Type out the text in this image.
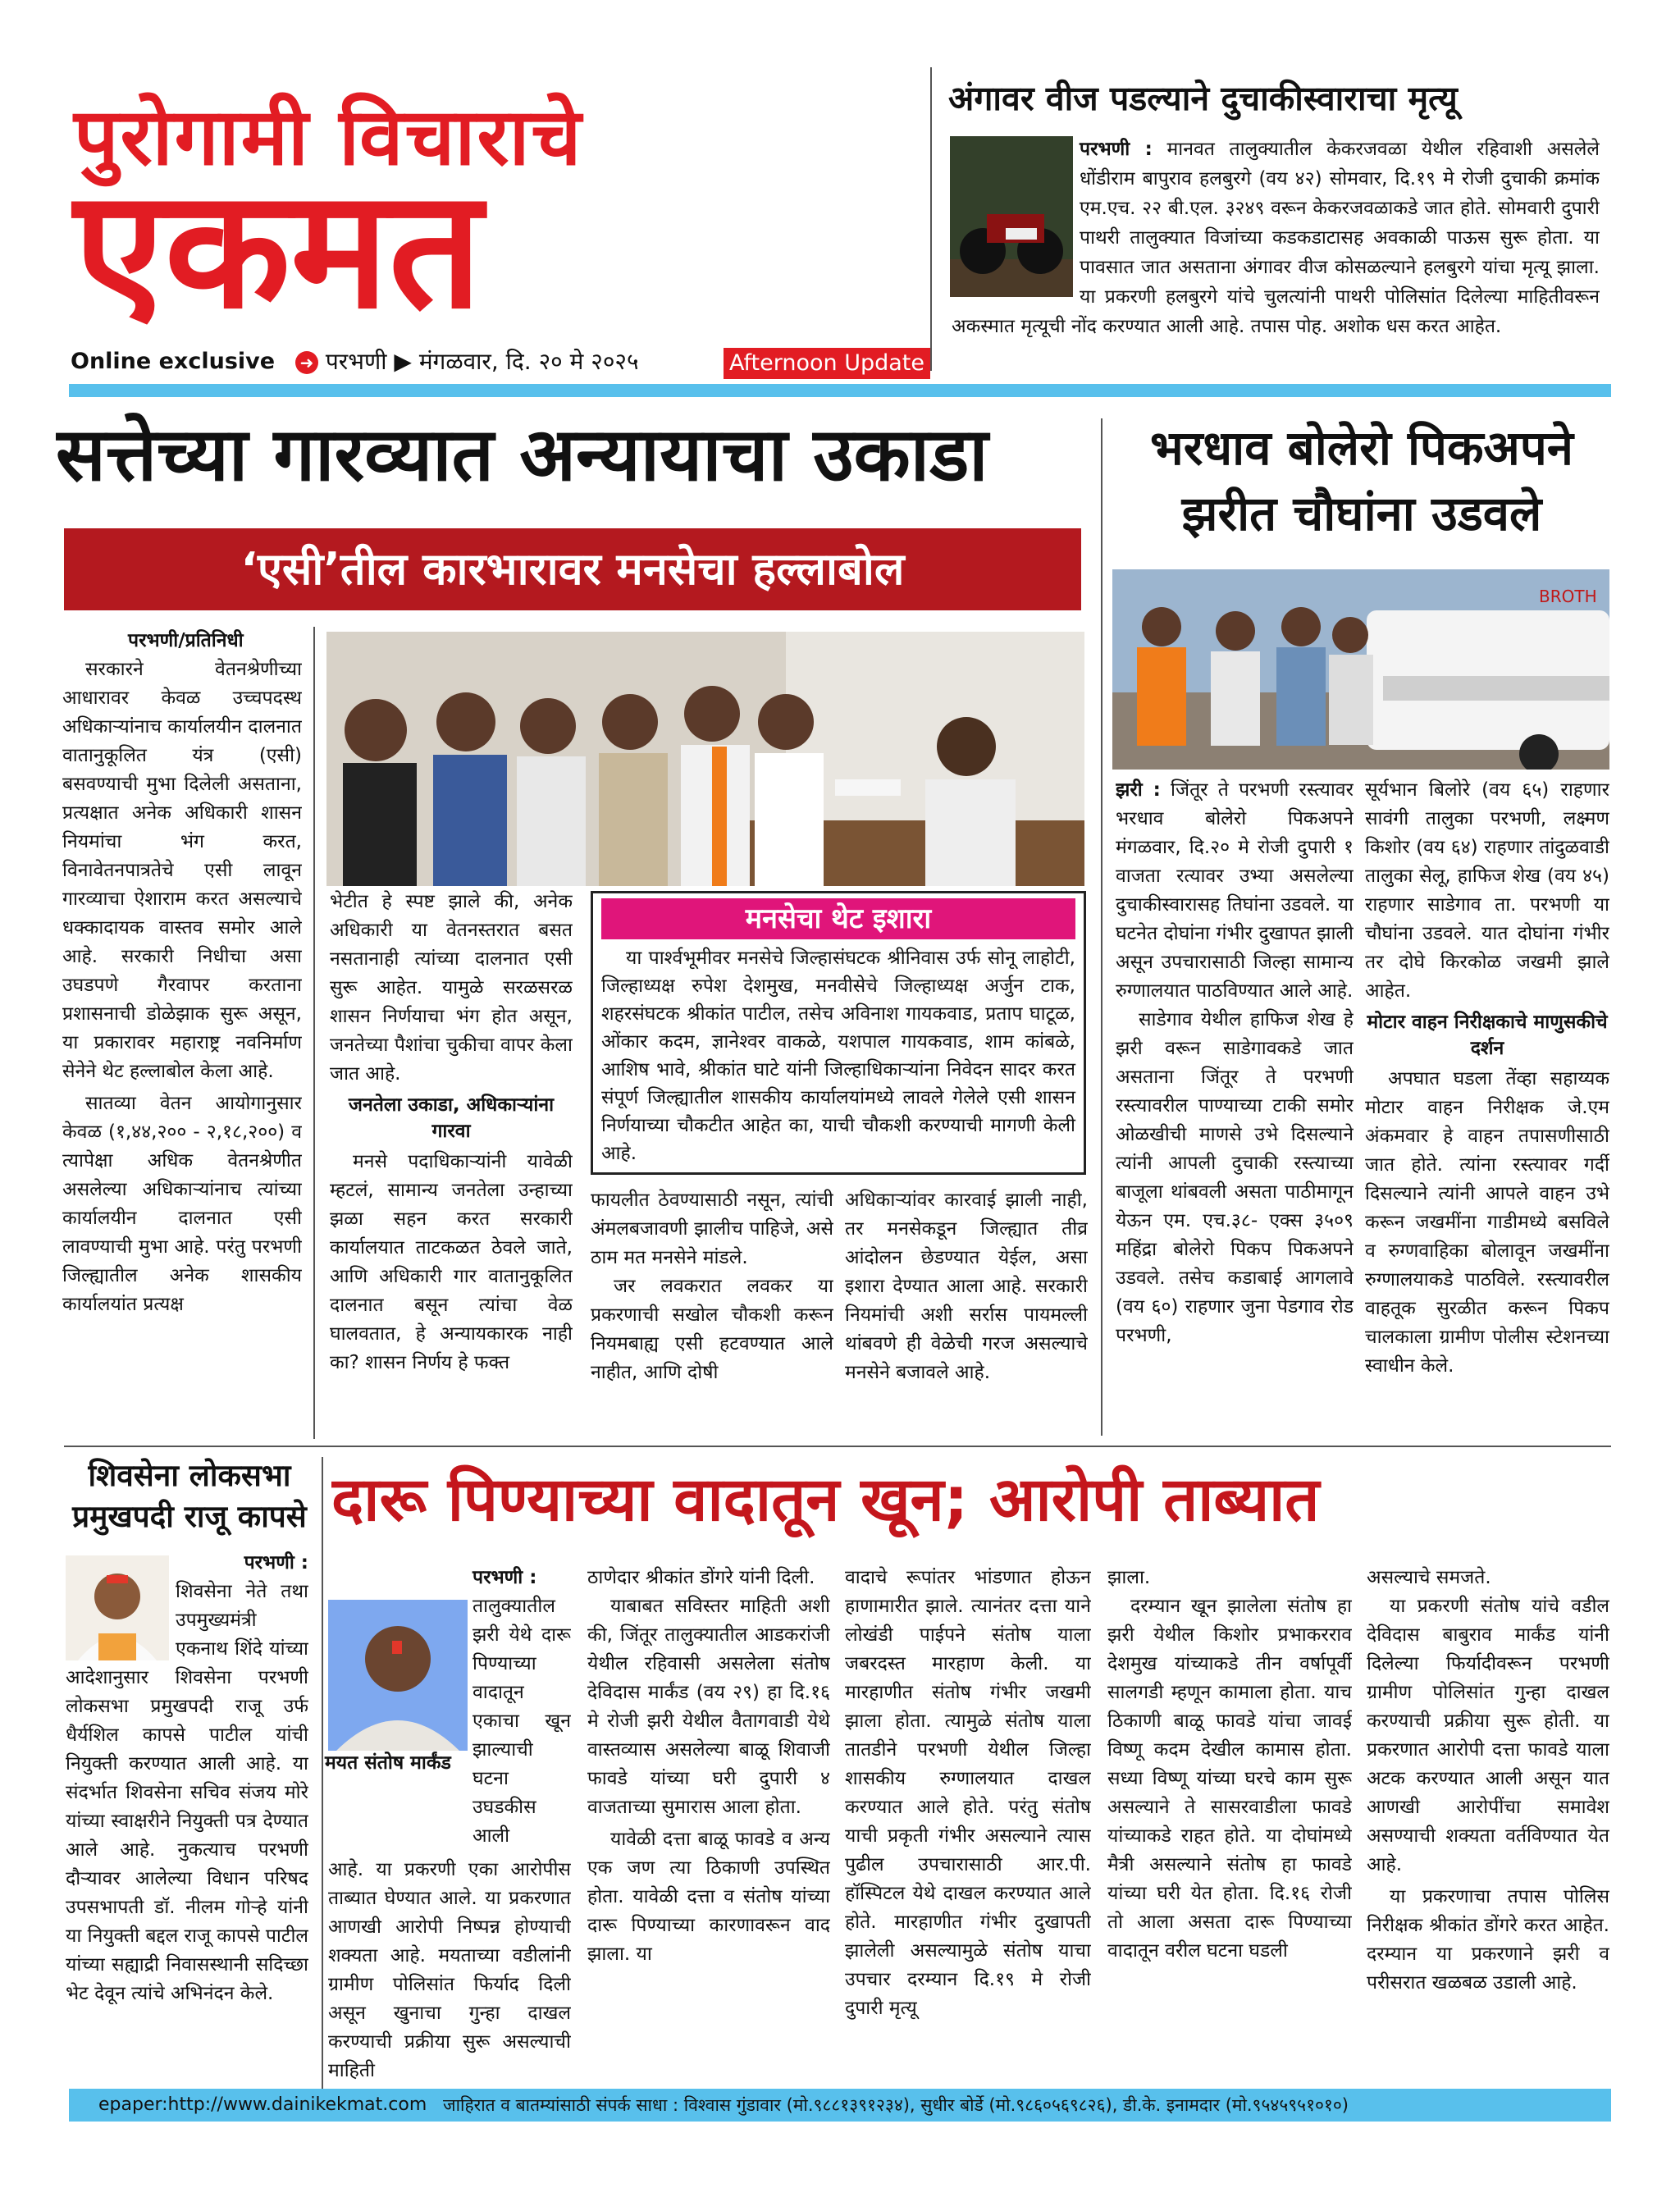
पुरोगामी विचाराचे
एकमत
Online exclusive ➜ परभणी ▶ मंगळवार, दि. २० मे २०२५	Afternoon Update
अंगावर वीज पडल्याने दुचाकीस्वाराचा मृत्यू
परभणी : मानवत तालुक्यातील केकरजवळा येथील रहिवाशी असलेले धोंडीराम बापुराव हलबुरगे (वय ४२) सोमवार, दि.१९ मे रोजी दुचाकी क्रमांक एम.एच. २२ बी.एल. ३२४९ वरून केकरजवळाकडे जात होते. सोमवारी दुपारी पाथरी तालुक्यात विजांच्या कडकडाटासह अवकाळी पाऊस सुरू होता. या पावसात जात असताना अंगावर वीज कोसळल्याने हलबुरगे यांचा मृत्यू झाला. या प्रकरणी हलबुरगे यांचे चुलत्यांनी पाथरी पोलिसांत दिलेल्या माहितीवरून अकस्मात मृत्यूची नोंद करण्यात आली आहे. तपास पोह. अशोक धस करत आहेत.
सत्तेच्या गारव्यात अन्यायाचा उकाडा
‘एसी’तील कारभारावर मनसेचा हल्लाबोल
परभणी/प्रतिनिधी

सरकारने वेतनश्रेणीच्या आधारावर केवळ उच्चपदस्थ अधिकाऱ्यांनाच कार्यालयीन दालनात वातानुकूलित यंत्र (एसी) बसवण्याची मुभा दिलेली असताना, प्रत्यक्षात अनेक अधिकारी शासन नियमांचा भंग करत, विनावेतनपात्रतेचे एसी लावून गारव्याचा ऐशाराम करत असल्याचे धक्कादायक वास्तव समोर आले आहे. सरकारी निधीचा असा उघडपणे गैरवापर करताना प्रशासनाची डोळेझाक सुरू असून, या प्रकारावर महाराष्ट्र नवनिर्माण सेनेने थेट हल्लाबोल केला आहे.

सातव्या वेतन आयोगानुसार केवळ (१,४४,२०० - २,१८,२००) व त्यापेक्षा अधिक वेतनश्रेणीत असलेल्या अधिकाऱ्यांनाच त्यांच्या कार्यालयीन दालनात एसी लावण्याची मुभा आहे. परंतु परभणी जिल्ह्यातील अनेक शासकीय कार्यालयांत प्रत्यक्ष

भेटीत हे स्पष्ट झाले की, अनेक अधिकारी या वेतनस्तरात बसत नसतानाही त्यांच्या दालनात एसी सुरू आहेत. यामुळे सरळसरळ शासन निर्णयाचा भंग होत असून, जनतेच्या पैशांचा चुकीचा वापर केला जात आहे.
जनतेला उकाडा, अधिकाऱ्यांना गारवा

मनसे पदाधिकाऱ्यांनी यावेळी म्हटलं, सामान्य जनतेला उन्हाच्या झळा सहन करत सरकारी कार्यालयात ताटकळत ठेवले जाते, आणि अधिकारी गार वातानुकूलित दालनात बसून त्यांचा वेळ घालवतात, हे अन्यायकारक नाही का? शासन निर्णय हे फक्त

मनसेचा थेट इशारा
या पार्श्वभूमीवर मनसेचे जिल्हासंघटक श्रीनिवास उर्फ सोनू लाहोटी, जिल्हाध्यक्ष रुपेश देशमुख, मनवीसेचे जिल्हाध्यक्ष अर्जुन टाक, शहरसंघटक श्रीकांत पाटील, तसेच अविनाश गायकवाड, प्रताप घाटूळ, ओंकार कदम, ज्ञानेश्वर वाकळे, यशपाल गायकवाड, शाम कांबळे, आशिष भावे, श्रीकांत घाटे यांनी जिल्हाधिकाऱ्यांना निवेदन सादर करत संपूर्ण जिल्ह्यातील शासकीय कार्यालयांमध्ये लावले गेलेले एसी शासन निर्णयाच्या चौकटीत आहेत का, याची चौकशी करण्याची मागणी केली आहे.
फायलीत ठेवण्यासाठी नसून, त्यांची अंमलबजावणी झालीच पाहिजे, असे ठाम मत मनसेने मांडले.

जर लवकरात लवकर या प्रकरणाची सखोल चौकशी करून नियमबाह्य एसी हटवण्यात आले नाहीत, आणि दोषी

अधिकाऱ्यांवर कारवाई झाली नाही, तर मनसेकडून जिल्ह्यात तीव्र आंदोलन छेडण्यात येईल, असा इशारा देण्यात आला आहे. सरकारी नियमांची अशी सर्रास पायमल्ली थांबवणे ही वेळेची गरज असल्याचे मनसेने बजावले आहे.
भरधाव बोलेरो पिकअपने
झरीत चौघांना उडवले
BROTH
झरी : जिंतूर ते परभणी रस्त्यावर भरधाव बोलेरो पिकअपने मंगळवार, दि.२० मे रोजी दुपारी १ वाजता रत्यावर उभ्या असलेल्या दुचाकीस्वारासह तिघांना उडवले. या घटनेत दोघांना गंभीर दुखापत झाली असून उपचारासाठी जिल्हा सामान्य रुग्णालयात पाठविण्यात आले आहे.

साडेगाव येथील हाफिज शेख हे झरी वरून साडेगावकडे जात असताना जिंतूर ते परभणी रस्त्यावरील पाण्याच्या टाकी समोर ओळखीची माणसे उभे दिसल्याने त्यांनी आपली दुचाकी रस्त्याच्या बाजूला थांबवली असता पाठीमागून येऊन एम. एच.३८- एक्स ३५०९ महिंद्रा बोलेरो पिकप पिकअपने उडवले. तसेच कडाबाई आगलावे (वय ६०) राहणार जुना पेडगाव रोड परभणी,

सूर्यभान बिलोरे (वय ६५) राहणार सावंगी तालुका परभणी, लक्ष्मण किशोर (वय ६४) राहणार तांदुळवाडी तालुका सेलू, हाफिज शेख (वय ४५) राहणार साडेगाव ता. परभणी या चौघांना उडवले. यात दोघांना गंभीर तर दोघे किरकोळ जखमी झाले आहेत.
मोटार वाहन निरीक्षकाचे माणुसकीचे दर्शन

अपघात घडला तेंव्हा सहाय्यक मोटार वाहन निरीक्षक जे.एम अंकमवार हे वाहन तपासणीसाठी जात होते. त्यांना रस्त्यावर गर्दी दिसल्याने त्यांनी आपले वाहन उभे करून जखमींना गाडीमध्ये बसविले व रुग्णवाहिका बोलावून जखमींना रुग्णालयाकडे पाठविले. रस्त्यावरील वाहतूक सुरळीत करून पिकप चालकाला ग्रामीण पोलीस स्टेशनच्या स्वाधीन केले.

शिवसेना लोकसभा
प्रमुखपदी राजू कापसे
परभणी :
शिवसेना नेते तथा उपमुख्यमंत्री एकनाथ शिंदे यांच्या आदेशानुसार शिवसेना परभणी लोकसभा प्रमुखपदी राजू उर्फ धैर्यशिल कापसे पाटील यांची नियुक्ती करण्यात आली आहे. या संदर्भात शिवसेना सचिव संजय मोरे यांच्या स्वाक्षरीने नियुक्ती पत्र देण्यात आले आहे. नुकत्याच परभणी दौऱ्यावर आलेल्या विधान परिषद उपसभापती डॉ. नीलम गोऱ्हे यांनी या नियुक्ती बद्दल राजू कापसे पाटील यांच्या सह्याद्री निवासस्थानी सदिच्छा भेट देवून त्यांचे अभिनंदन केले.
दारू पिण्याच्या वादातून खून; आरोपी ताब्यात
मयत संतोष मार्कंड
परभणी :
तालुक्यातील झरी येथे दारू पिण्याच्या वादातून एकाचा खून झाल्याची घटना उघडकीस आली
आहे. या प्रकरणी एका आरोपीस ताब्यात घेण्यात आले. या प्रकरणात आणखी आरोपी निष्पन्न होण्याची शक्यता आहे. मयताच्या वडीलांनी ग्रामीण पोलिसांत फिर्याद दिली असून खुनाचा गुन्हा दाखल करण्याची प्रक्रीया सुरू असल्याची माहिती
ठाणेदार श्रीकांत डोंगरे यांनी दिली.

याबाबत सविस्तर माहिती अशी की, जिंतूर तालुक्यातील आडकरांजी येथील रहिवासी असलेला संतोष देविदास मार्कंड (वय २९) हा दि.१६ मे रोजी झरी येथील वैतागवाडी येथे वास्तव्यास असलेल्या बाळू शिवाजी फावडे यांच्या घरी दुपारी ४ वाजताच्या सुमारास आला होता.

यावेळी दत्ता बाळू फावडे व अन्य एक जण त्या ठिकाणी उपस्थित होता. यावेळी दत्ता व संतोष यांच्या दारू पिण्याच्या कारणावरून वाद झाला. या

वादाचे रूपांतर भांडणात होऊन हाणामारीत झाले. त्यानंतर दत्ता याने लोखंडी पाईपने संतोष याला जबरदस्त मारहाण केली. या मारहाणीत संतोष गंभीर जखमी झाला होता. त्यामुळे संतोष याला तातडीने परभणी येथील जिल्हा शासकीय रुग्णालयात दाखल करण्यात आले होते. परंतु संतोष याची प्रकृती गंभीर असल्याने त्यास पुढील उपचारासाठी आर.पी. हॉस्पिटल येथे दाखल करण्यात आले होते. मारहाणीत गंभीर दुखापती झालेली असल्यामुळे संतोष याचा उपचार दरम्यान दि.१९ मे रोजी दुपारी मृत्यू
झाला.

दरम्यान खून झालेला संतोष हा झरी येथील किशोर प्रभाकरराव देशमुख यांच्याकडे तीन वर्षापूर्वी सालगडी म्हणून कामाला होता. याच ठिकाणी बाळू फावडे यांचा जावई विष्णू कदम देखील कामास होता. सध्या विष्णू यांच्या घरचे काम सुरू असल्याने ते सासरवाडीला फावडे यांच्याकडे राहत होते. या दोघांमध्ये मैत्री असल्याने संतोष हा फावडे यांच्या घरी येत होता. दि.१६ रोजी तो आला असता दारू पिण्याच्या वादातून वरील घटना घडली

असल्याचे समजते.

या प्रकरणी संतोष यांचे वडील देविदास बाबुराव मार्कंड यांनी दिलेल्या फिर्यादीवरून परभणी ग्रामीण पोलिसांत गुन्हा दाखल करण्याची प्रक्रीया सुरू होती. या प्रकरणात आरोपी दत्ता फावडे याला अटक करण्यात आली असून यात आणखी आरोपींचा समावेश असण्याची शक्यता वर्तविण्यात येत आहे.

या प्रकरणाचा तपास पोलिस निरीक्षक श्रीकांत डोंगरे करत आहेत. दरम्यान या प्रकरणाने झरी व परीसरात खळबळ उडाली आहे.

epaper:http://www.dainikekmat.com जाहिरात व बातम्यांसाठी संपर्क साधा : विश्वास गुंडावार (मो.९८८१३९१२३४), सुधीर बोर्डे (मो.९८६०५६९८२६), डी.के. इनामदार (मो.९५४५९५१०१०)
